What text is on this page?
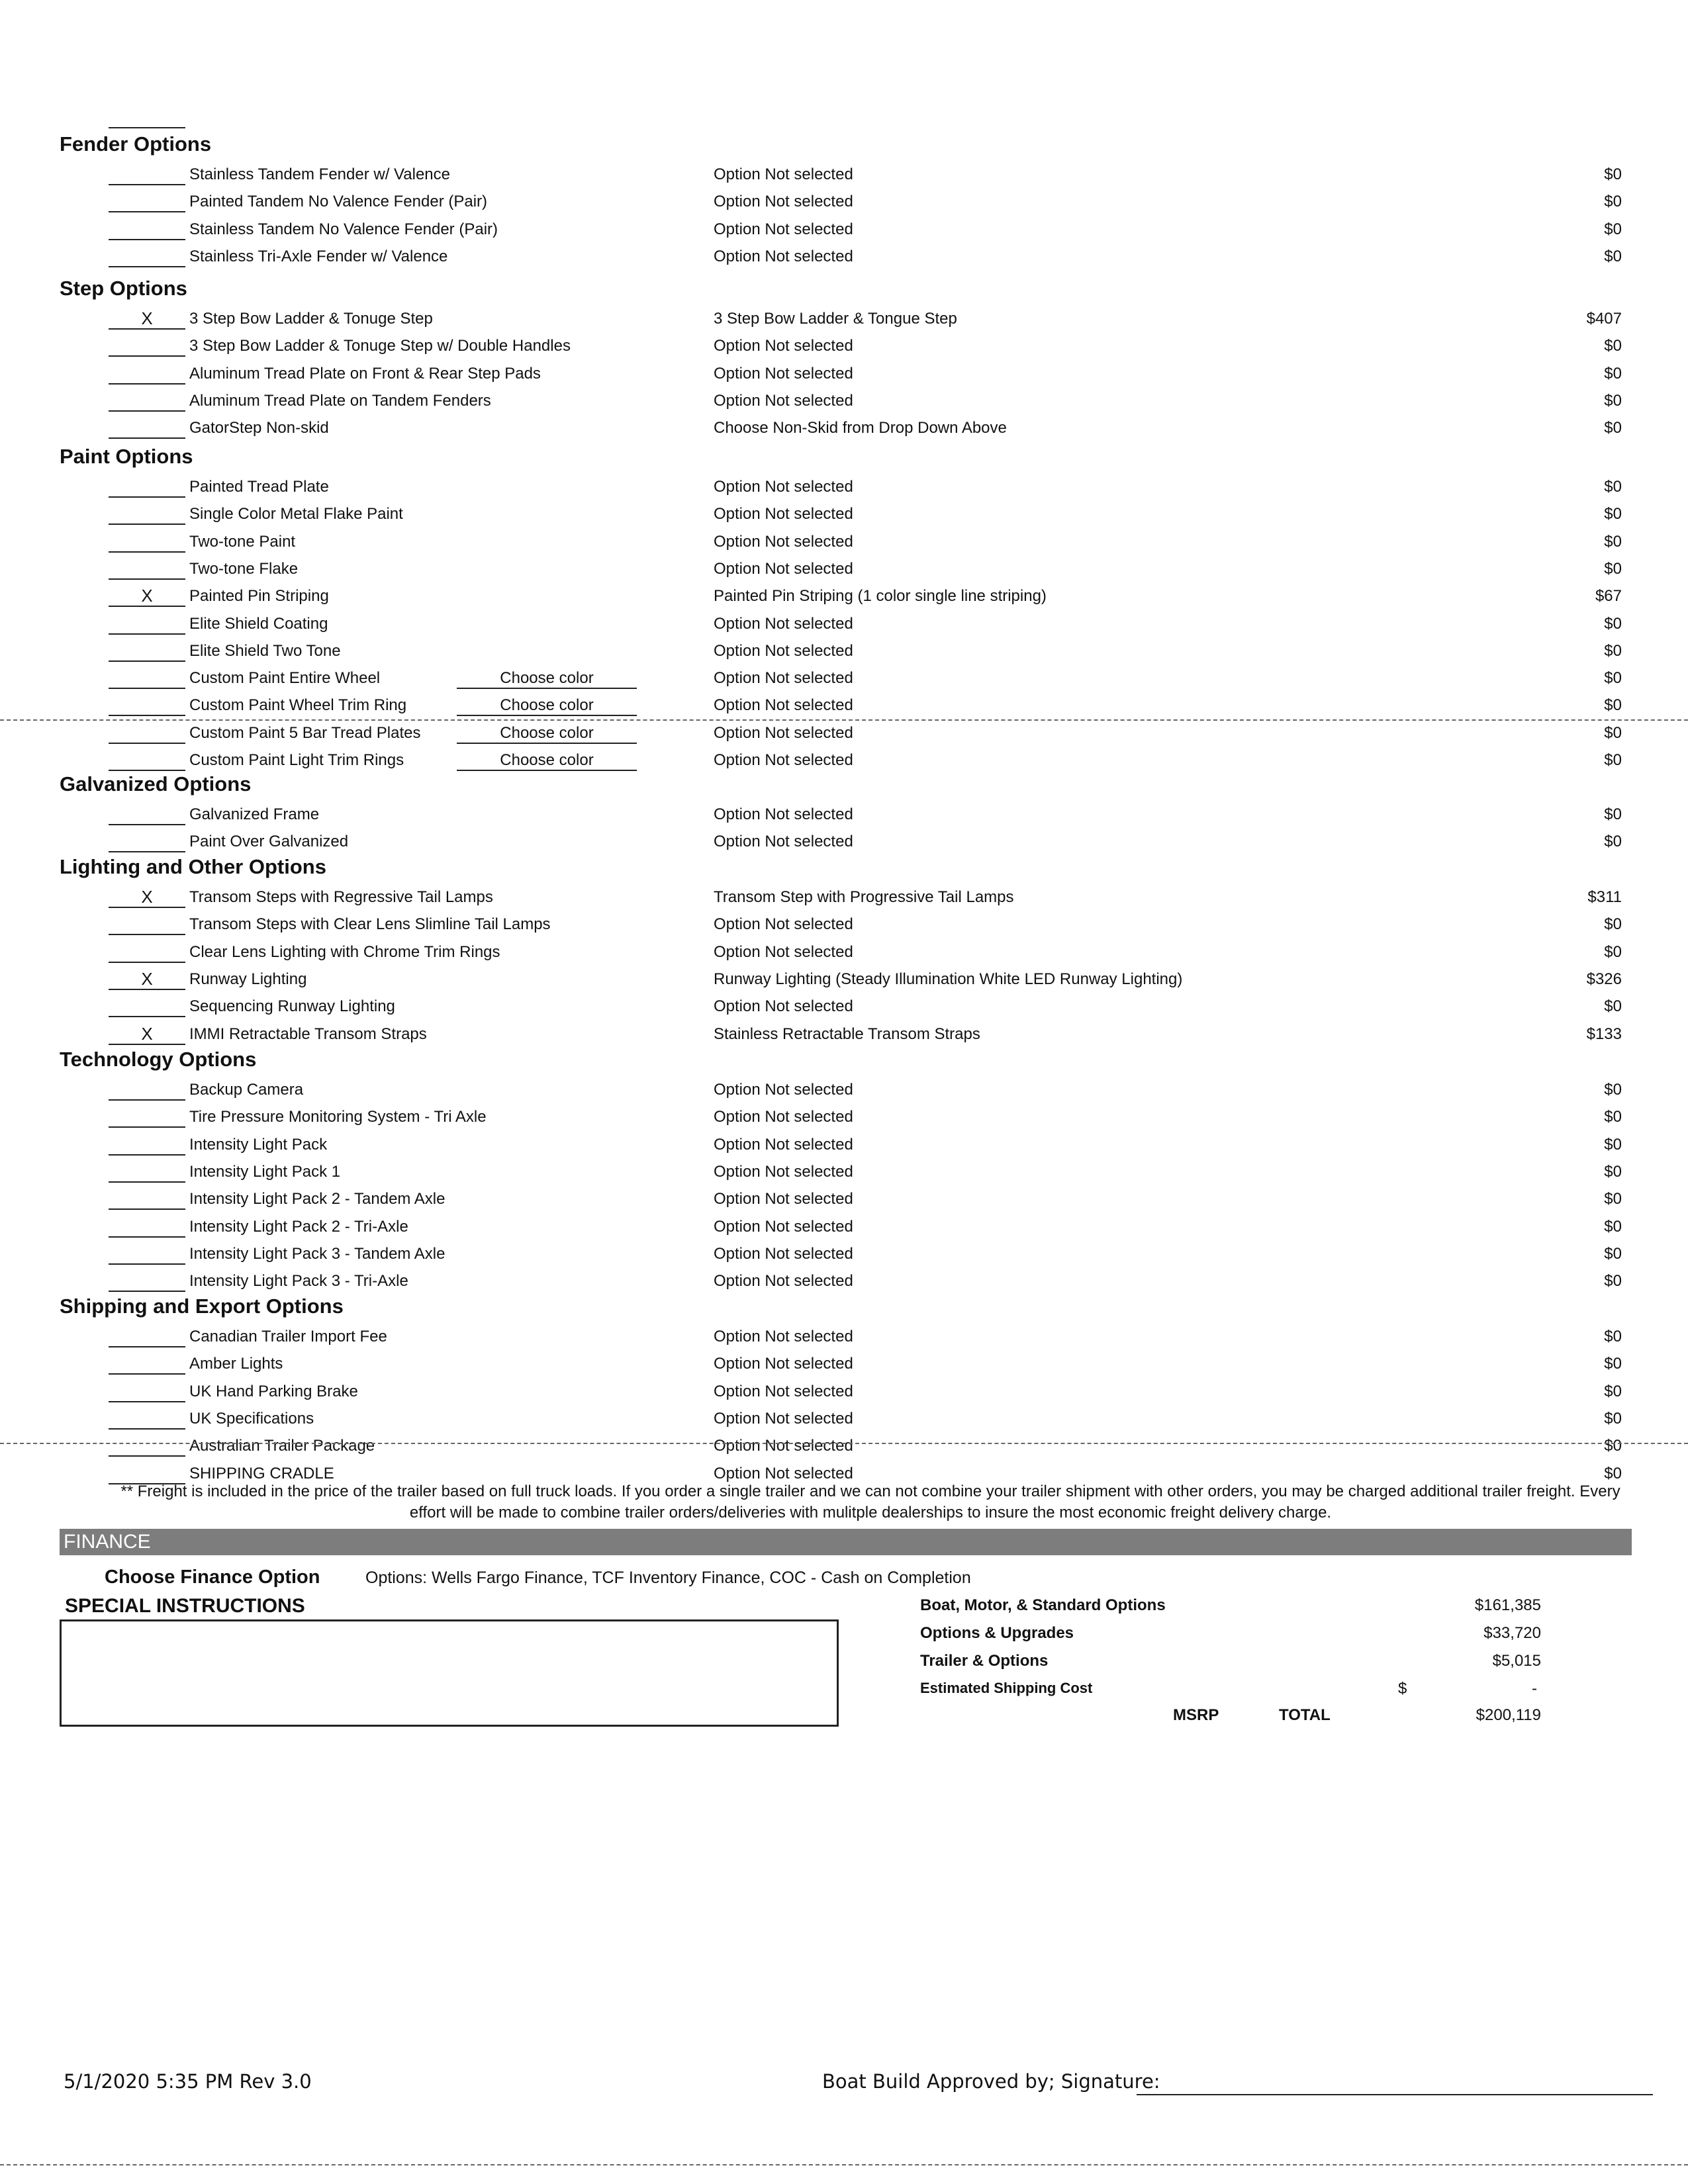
Fender Options
Stainless Tandem Fender w/ Valence	Option Not selected	$0
Painted Tandem No Valence Fender (Pair)	Option Not selected	$0
Stainless Tandem No Valence Fender (Pair)	Option Not selected	$0
Stainless Tri-Axle Fender w/ Valence	Option Not selected	$0
Step Options
X	3 Step Bow Ladder & Tonuge Step	3 Step Bow Ladder & Tongue Step	$407
3 Step Bow Ladder & Tonuge Step w/ Double Handles	Option Not selected	$0
Aluminum Tread Plate on Front & Rear Step Pads	Option Not selected	$0
Aluminum Tread Plate on Tandem Fenders	Option Not selected	$0
GatorStep Non-skid	Choose Non-Skid from Drop Down Above	$0
Paint Options
Painted Tread Plate	Option Not selected	$0
Single Color Metal Flake Paint	Option Not selected	$0
Two-tone Paint	Option Not selected	$0
Two-tone Flake	Option Not selected	$0
X	Painted Pin Striping	Painted Pin Striping (1 color single line striping)	$67
Elite Shield Coating	Option Not selected	$0
Elite Shield Two Tone	Option Not selected	$0
Custom Paint Entire Wheel	Choose color	Option Not selected	$0
Custom Paint Wheel Trim Ring	Choose color	Option Not selected	$0
Custom Paint 5 Bar Tread Plates	Choose color	Option Not selected	$0
Custom Paint Light Trim Rings	Choose color	Option Not selected	$0
Galvanized Options
Galvanized Frame	Option Not selected	$0
Paint Over Galvanized	Option Not selected	$0
Lighting and Other Options
X	Transom Steps with Regressive Tail Lamps	Transom Step with Progressive Tail Lamps	$311
Transom Steps with Clear Lens Slimline Tail Lamps	Option Not selected	$0
Clear Lens Lighting with Chrome Trim Rings	Option Not selected	$0
X	Runway Lighting	Runway Lighting (Steady Illumination White LED Runway Lighting)	$326
Sequencing Runway Lighting	Option Not selected	$0
X	IMMI Retractable Transom Straps	Stainless Retractable Transom Straps	$133
Technology Options
Backup Camera	Option Not selected	$0
Tire Pressure Monitoring System - Tri Axle	Option Not selected	$0
Intensity Light Pack	Option Not selected	$0
Intensity Light Pack 1	Option Not selected	$0
Intensity Light Pack 2 - Tandem Axle	Option Not selected	$0
Intensity Light Pack 2 - Tri-Axle	Option Not selected	$0
Intensity Light Pack 3 - Tandem Axle	Option Not selected	$0
Intensity Light Pack 3 - Tri-Axle	Option Not selected	$0
Shipping and Export Options
Canadian Trailer Import Fee	Option Not selected	$0
Amber Lights	Option Not selected	$0
UK Hand Parking Brake	Option Not selected	$0
UK Specifications	Option Not selected	$0
Australian Trailer Package	Option Not selected	$0
SHIPPING CRADLE	Option Not selected	$0
** Freight is included in the price of the trailer based on full truck loads. If you order a single trailer and we can not combine your trailer shipment with other orders, you may be charged additional trailer freight. Every
effort will be made to combine trailer orders/deliveries with mulitple dealerships to insure the most economic freight delivery charge.
FINANCE
Choose Finance Option	Options: Wells Fargo Finance, TCF Inventory Finance, COC - Cash on Completion
SPECIAL INSTRUCTIONS	Boat, Motor, & Standard Options	$161,385
Options & Upgrades	$33,720
Trailer & Options	$5,015
Estimated Shipping Cost	$	-
MSRP	TOTAL	$200,119
5/1/2020 5:35 PM Rev 3.0	Boat Build Approved by; Signature:
